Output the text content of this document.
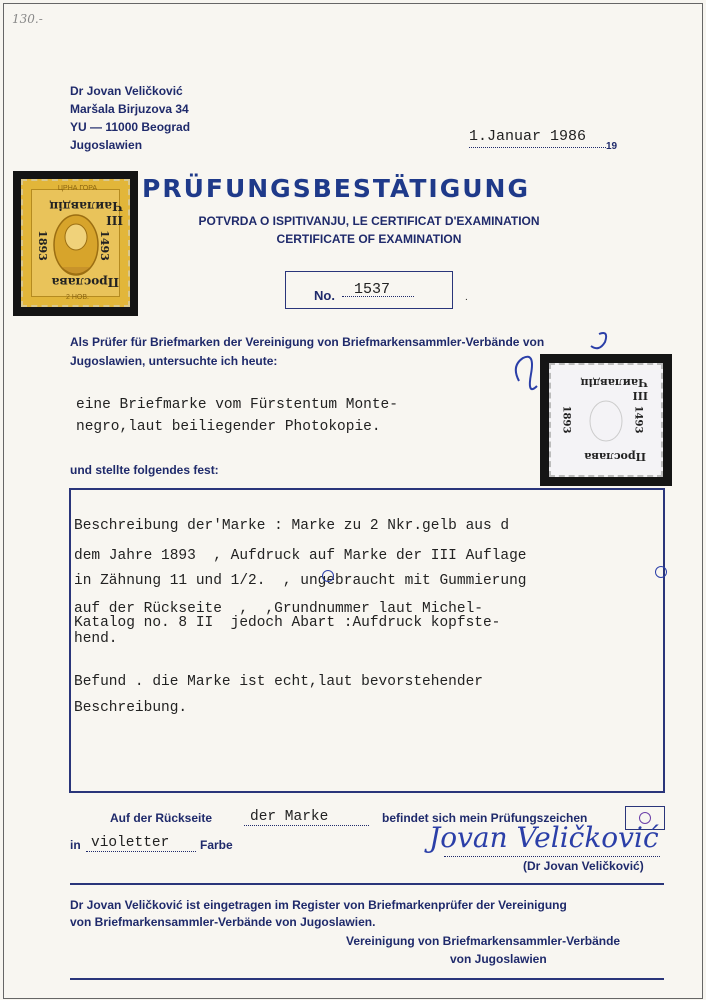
130.-
Dr Jovan Veličković
Maršala Birjuzova 34
YU — 11000 Beograd
Jugoslawien	1.Januar 1986
19
ЦРНА ГОРА
2 НОВ.
III Чаилавдіц
Прослава
1893	1493
PRÜFUNGSBESTÄTIGUNG
POTVRDA O ISPITIVANJU, LE CERTIFICAT D'EXAMINATION
CERTIFICATE OF EXAMINATION
No. 1537	.
Als Prüfer für Briefmarken der Vereinigung von Briefmarkensammler-Verbände von
Jugoslawien, untersuchte ich heute:
eine Briefmarke vom Fürstentum Monte-
negro,laut beiliegender Photokopie.
III Чаилавдіц
Прослава
1893	1493
und stellte folgendes fest:
Beschreibung der'Marke : Marke zu 2 Nkr.gelb aus d
dem Jahre 1893  , Aufdruck auf Marke der III Auflage
in Zähnung 11 und 1/2.  , ungebraucht mit Gummierung
auf der Rückseite  ,  ,Grundnummer laut Michel-
Katalog no. 8 II  jedoch Abart :Aufdruck kopfste-
hend.
Befund . die Marke ist echt,laut bevorstehender
Beschreibung.
Auf der Rückseite	der Marke	befindet sich mein Prüfungszeichen
in violetter	Farbe	Jovan Veličković
(Dr Jovan Veličković)
Dr Jovan Veličković ist eingetragen im Register von Briefmarkenprüfer der Vereinigung
von Briefmarkensammler-Verbände von Jugoslawien.
Vereinigung von Briefmarkensammler-Verbände
von Jugoslawien
